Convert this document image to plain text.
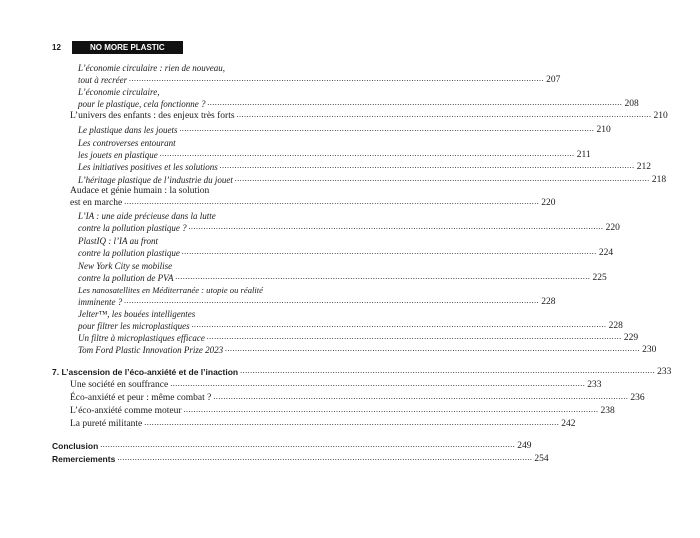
12	NO MORE PLASTIC
L’économie circulaire : rien de nouveau,
tout à recréer .....	207
L’économie circulaire,
pour le plastique, cela fonctionne ? .....	208
L’univers des enfants : des enjeux très forts .....	210
Le plastique dans les jouets .....	210
Les controverses entourant
les jouets en plastique .....	211
Les initiatives positives et les solutions .....	212
L’héritage plastique de l’industrie du jouet .....	218
Audace et génie humain : la solution
est en marche .....	220
L’IA : une aide précieuse dans la lutte
contre la pollution plastique ? .....	220
PlastIQ : l’IA au front
contre la pollution plastique .....	224
New York City se mobilise
contre la pollution de PVA .....	225
Les nanosatellites en Méditerranée : utopie ou réalité
imminente ? .....	228
Jelter™, les bouées intelligentes
pour filtrer les microplastiques .....	228
Un filtre à microplastiques efficace .....	229
Tom Ford Plastic Innovation Prize 2023 .....	230
7. L’ascension de l’éco-anxiété et de l’inaction .....	233
Une société en souffrance .....	233
Éco-anxiété et peur : même combat ? .....	236
L’éco-anxiété comme moteur .....	238
La pureté militante .....	242
Conclusion .....	249
Remerciements .....	254
